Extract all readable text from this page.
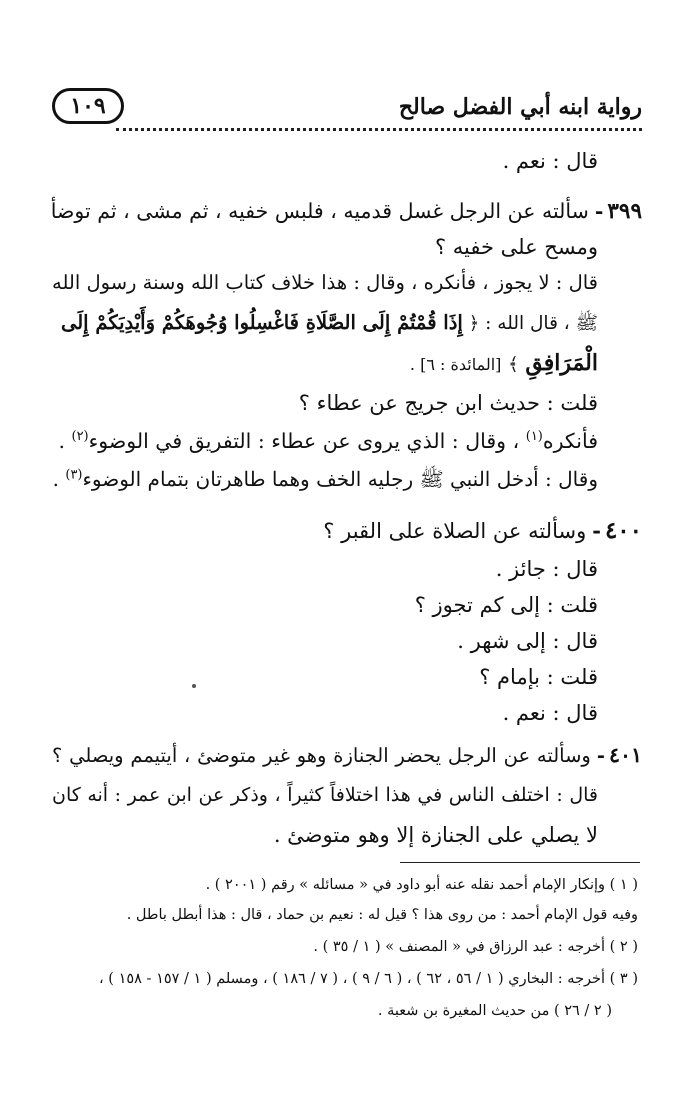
رواية ابنه أبي الفضل صالح
١٠٩
قال : نعم .
٣٩٩-سألته عن الرجل غسل قدميه ، فلبس خفيه ، ثم مشى ، ثم توضأ
ومسح على خفيه ؟
قال : لا يجوز ، فأنكره ، وقال : هذا خلاف كتاب الله وسنة رسول الله
ﷺ ، قال الله : ﴿ إِذَا قُمْتُمْ إِلَى الصَّلَاةِ فَاغْسِلُوا وُجُوهَكُمْ وَأَيْدِيَكُمْ إِلَى
الْمَرَافِقِ ﴾ [المائدة : ٦] .
قلت : حديث ابن جريج عن عطاء ؟
فأنكره$^{(١)}$ ، وقال : الذي يروى عن عطاء : التفريق في الوضوء$^{(٢)}$ .
وقال : أدخل النبي ﷺ رجليه الخف وهما طاهرتان بتمام الوضوء$^{(٣)}$ .
٤٠٠-وسألته عن الصلاة على القبر ؟
قال : جائز .
قلت : إلى كم تجوز ؟
قال : إلى شهر .
قلت : بإمام ؟
قال : نعم .
٤٠١-وسألته عن الرجل يحضر الجنازة وهو غير متوضئ ، أيتيمم ويصلي ؟
قال : اختلف الناس في هذا اختلافاً كثيراً ، وذكر عن ابن عمر : أنه كان
لا يصلي على الجنازة إلا وهو متوضئ .
( ١ ) وإنكار الإمام أحمد نقله عنه أبو داود في « مسائله » رقم ( ٢٠٠١ ) .
وفيه قول الإمام أحمد : من روى هذا ؟ قيل له : نعيم بن حماد ، قال : هذا أبطل باطل .
( ٢ ) أخرجه : عبد الرزاق في « المصنف » ( ١ / ٣٥ ) .
( ٣ ) أخرجه : البخاري ( ١ / ٥٦ ، ٦٢ ) ، ( ٦ / ٩ ) ، ( ٧ / ١٨٦ ) ، ومسلم ( ١ / ١٥٧ - ١٥٨ ) ،
( ٢ / ٢٦ ) من حديث المغيرة بن شعبة .
